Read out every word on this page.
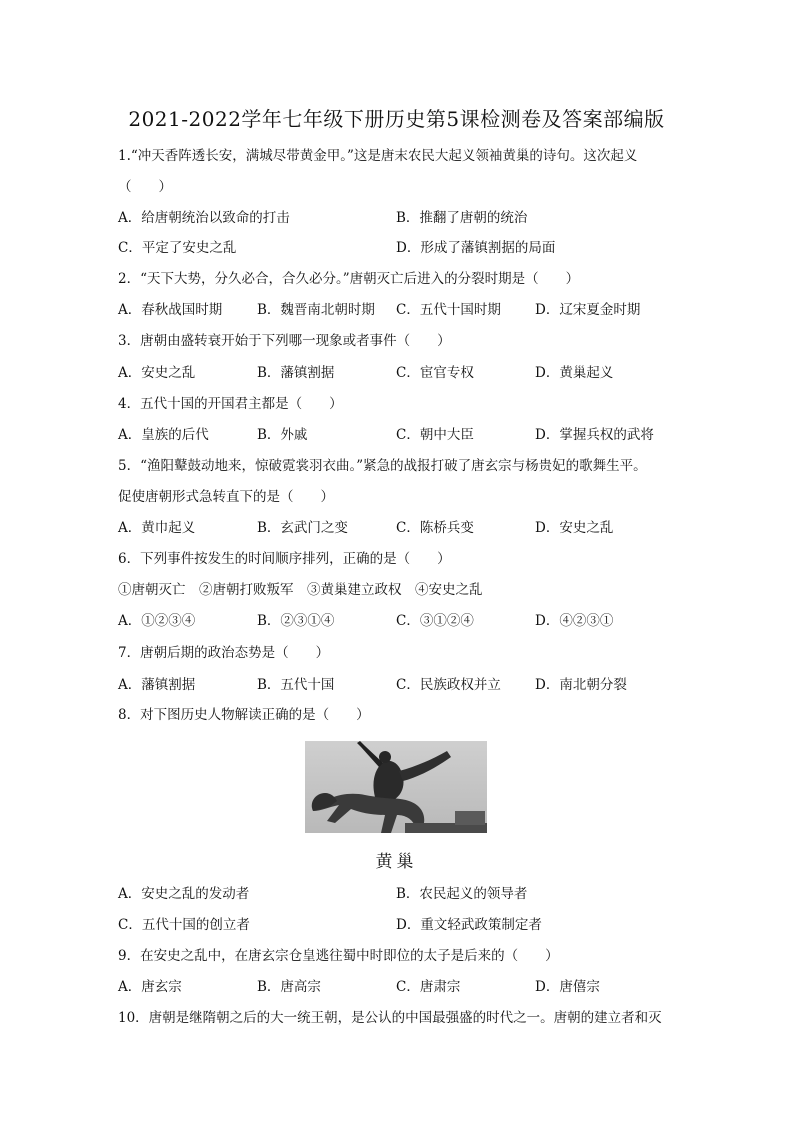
2021-2022学年七年级下册历史第5课检测卷及答案部编版
1.“冲天香阵透长安，满城尽带黄金甲。”这是唐末农民大起义领袖黄巢的诗句。这次起义
（　　）
A．给唐朝统治以致命的打击	B．推翻了唐朝的统治
C．平定了安史之乱	D．形成了藩镇割据的局面
2．“天下大势，分久必合，合久必分。”唐朝灭亡后进入的分裂时期是（　　）
A．春秋战国时期	B．魏晋南北朝时期 C．五代十国时期	D．辽宋夏金时期
3．唐朝由盛转衰开始于下列哪一现象或者事件（　　）
A．安史之乱	B．藩镇割据	C．宦官专权	D．黄巢起义
4．五代十国的开国君主都是（　　）
A．皇族的后代	B．外戚	C．朝中大臣	D．掌握兵权的武将
5．“渔阳鼙鼓动地来，惊破霓裳羽衣曲。”紧急的战报打破了唐玄宗与杨贵妃的歌舞生平。
促使唐朝形式急转直下的是（　　）
A．黄巾起义	B．玄武门之变	C．陈桥兵变	D．安史之乱
6．下列事件按发生的时间顺序排列，正确的是（　　）
①唐朝灭亡　②唐朝打败叛军　③黄巢建立政权　④安史之乱
A．①②③④	B．②③①④	C．③①②④	D．④②③①
7．唐朝后期的政治态势是（　　）
A．藩镇割据	B．五代十国	C．民族政权并立	D．南北朝分裂
8．对下图历史人物解读正确的是（　　）
黄巢
A．安史之乱的发动者	B．农民起义的领导者
C．五代十国的创立者	D．重文轻武政策制定者
9．在安史之乱中，在唐玄宗仓皇逃往蜀中时即位的太子是后来的（　　）
A．唐玄宗	B．唐高宗	C．唐肃宗	D．唐僖宗
10．唐朝是继隋朝之后的大一统王朝，是公认的中国最强盛的时代之一。唐朝的建立者和灭
